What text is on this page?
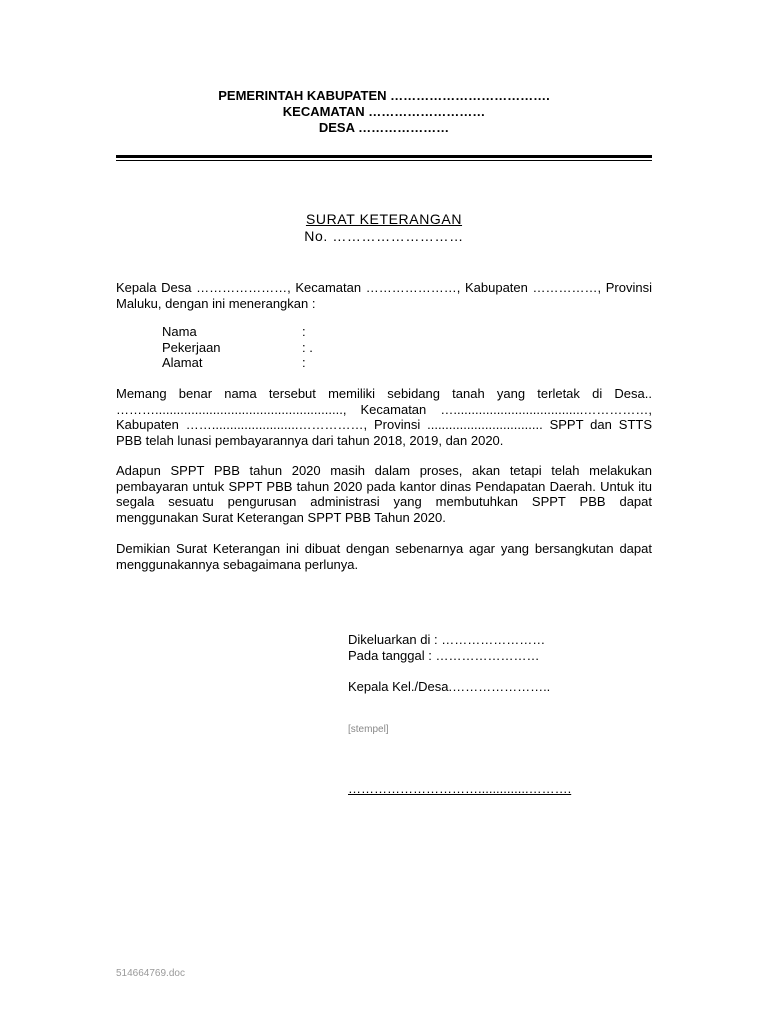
PEMERINTAH KABUPATEN ……………………………….
KECAMATAN ………………………
DESA …………………
SURAT KETERANGAN
No. ………………………
Kepala Desa …………………, Kecamatan …………………, Kabupaten ……………, Provinsi Maluku, dengan ini menerangkan :
Nama	:
Pekerjaan	: .
Alamat	:
Memang benar nama tersebut memiliki sebidang tanah yang terletak di Desa.. ………...................................................., Kecamatan …....................................……………, Kabupaten ……........................……………, Provinsi ................................ SPPT dan STTS PBB telah lunasi pembayarannya dari tahun 2018, 2019, dan 2020.
Adapun SPPT PBB tahun 2020 masih dalam proses, akan tetapi telah melakukan pembayaran untuk SPPT PBB tahun 2020 pada kantor dinas Pendapatan Daerah. Untuk itu segala sesuatu pengurusan administrasi yang membutuhkan SPPT PBB dapat menggunakan Surat Keterangan SPPT PBB Tahun 2020.
Demikian Surat Keterangan ini dibuat dengan sebenarnya agar yang bersangkutan dapat menggunakannya sebagaimana perlunya.
Dikeluarkan di : ……………………
Pada tanggal : ……………………
Kepala Kel./Desa.…………………..
[stempel]
…………………………..............……….
514664769.doc
